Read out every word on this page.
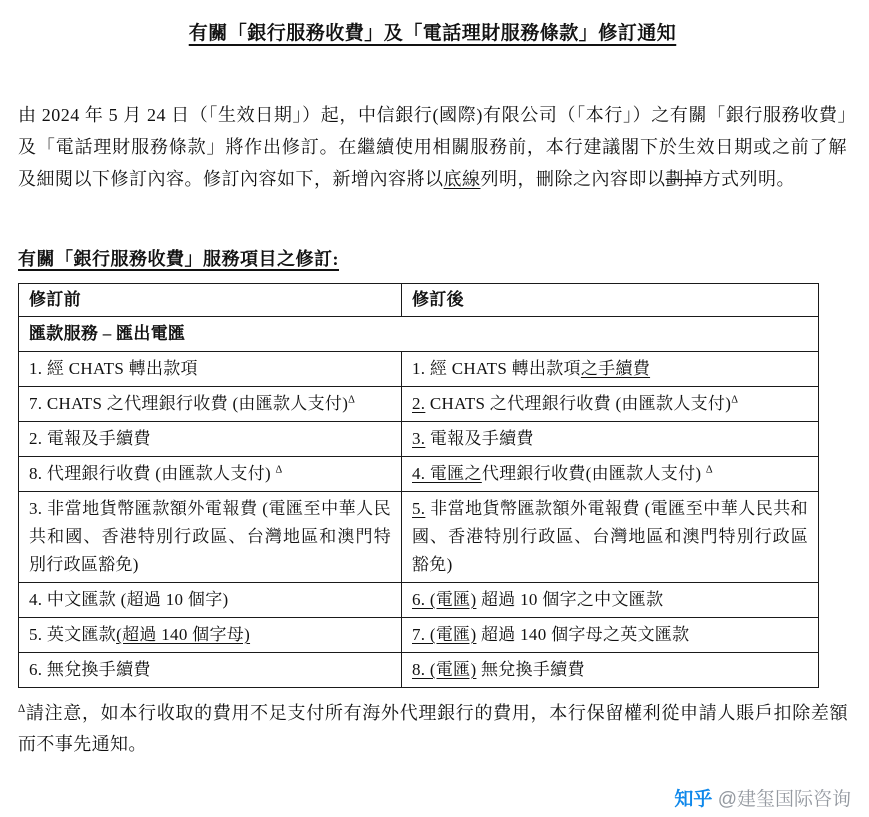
有關「銀行服務收費」及「電話理財服務條款」修訂通知

由 2024 年 5 月 24 日（「生效日期」）起，中信銀行(國際)有限公司（「本行」）之有關「銀行服務收費」及「電話理財服務條款」將作出修訂。在繼續使用相關服務前，本行建議閣下於生效日期或之前了解及細閱以下修訂內容。修訂內容如下，新增內容將以底線列明，刪除之內容即以劃掉方式列明。

有關「銀行服務收費」服務項目之修訂:
修訂前	修訂後
匯款服務 – 匯出電匯	
1. 經 CHATS 轉出款項	1. 經 CHATS 轉出款項之手續費
7. CHATS 之代理銀行收費 (由匯款人支付)$^\Delta$	2. CHATS 之代理銀行收費 (由匯款人支付)$^\Delta$
2. 電報及手續費	3. 電報及手續費
8. 代理銀行收費 (由匯款人支付) $^\Delta$	4. 電匯之代理銀行收費(由匯款人支付) $^\Delta$
3. 非當地貨幣匯款額外電報費 (電匯至中華人民共和國、香港特別行政區、台灣地區和澳門特別行政區豁免)	5. 非當地貨幣匯款額外電報費 (電匯至中華人民共和國、香港特別行政區、台灣地區和澳門特別行政區豁免)
4. 中文匯款 (超過 10 個字)	6. (電匯) 超過 10 個字之中文匯款
5. 英文匯款(超過 140 個字母)	7. (電匯) 超過 140 個字母之英文匯款
6. 無兌換手續費	8. (電匯) 無兌換手續費

$^\Delta$請注意，如本行收取的費用不足支付所有海外代理銀行的費用，本行保留權利從申請人賬戶扣除差額而不事先通知。

知乎 @建玺国际咨询
